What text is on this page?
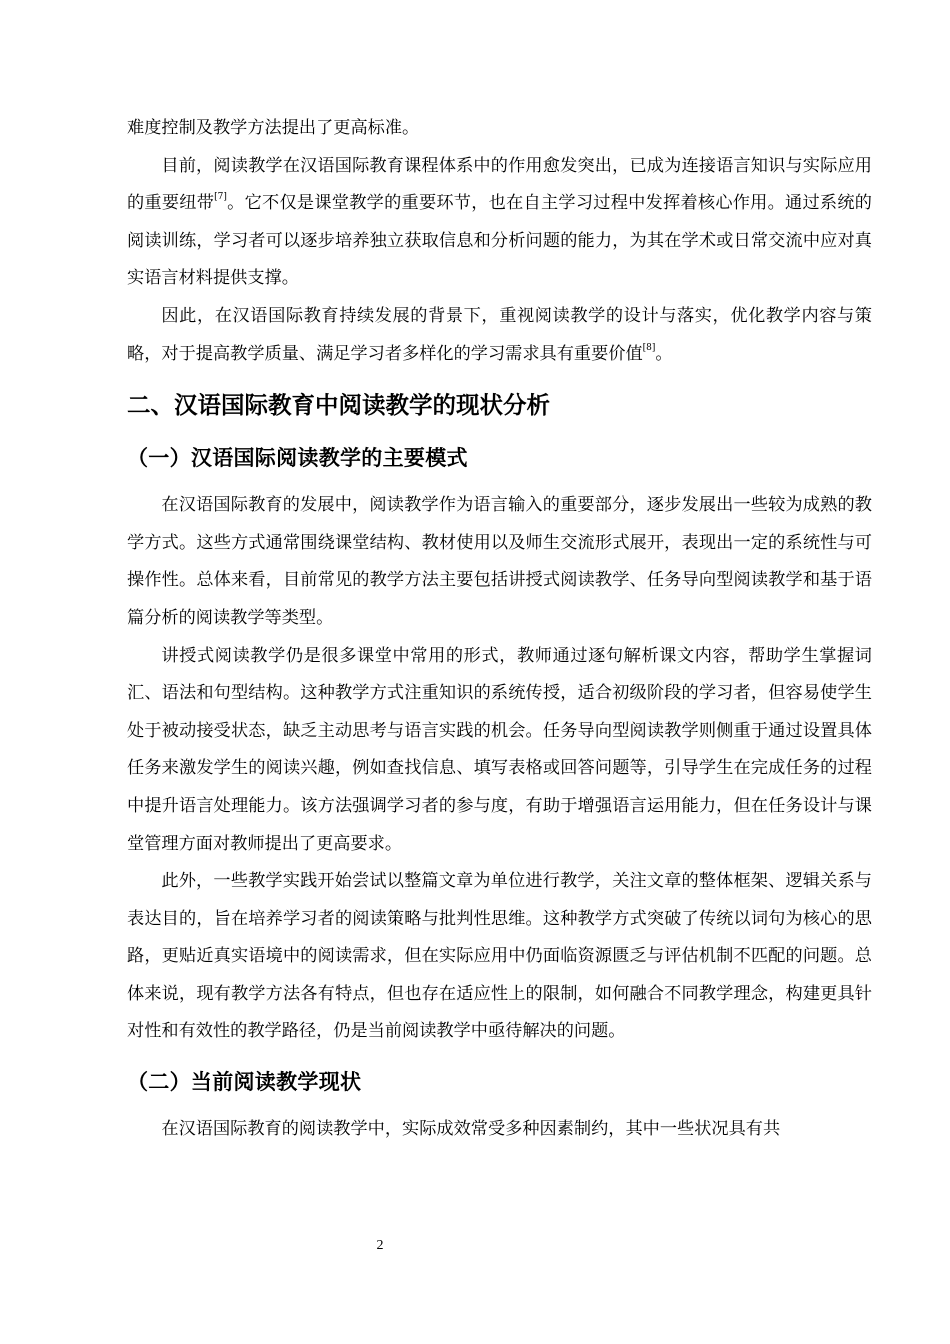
难度控制及教学方法提出了更高标准。

目前，阅读教学在汉语国际教育课程体系中的作用愈发突出，已成为连接语言知识与实际应用的重要纽带[7]。它不仅是课堂教学的重要环节，也在自主学习过程中发挥着核心作用。通过系统的阅读训练，学习者可以逐步培养独立获取信息和分析问题的能力，为其在学术或日常交流中应对真实语言材料提供支撑。

因此，在汉语国际教育持续发展的背景下，重视阅读教学的设计与落实，优化教学内容与策略，对于提高教学质量、满足学习者多样化的学习需求具有重要价值[8]。

二、汉语国际教育中阅读教学的现状分析
（一）汉语国际阅读教学的主要模式

在汉语国际教育的发展中，阅读教学作为语言输入的重要部分，逐步发展出一些较为成熟的教学方式。这些方式通常围绕课堂结构、教材使用以及师生交流形式展开，表现出一定的系统性与可操作性。总体来看，目前常见的教学方法主要包括讲授式阅读教学、任务导向型阅读教学和基于语篇分析的阅读教学等类型。

讲授式阅读教学仍是很多课堂中常用的形式，教师通过逐句解析课文内容，帮助学生掌握词汇、语法和句型结构。这种教学方式注重知识的系统传授，适合初级阶段的学习者，但容易使学生处于被动接受状态，缺乏主动思考与语言实践的机会。任务导向型阅读教学则侧重于通过设置具体任务来激发学生的阅读兴趣，例如查找信息、填写表格或回答问题等，引导学生在完成任务的过程中提升语言处理能力。该方法强调学习者的参与度，有助于增强语言运用能力，但在任务设计与课堂管理方面对教师提出了更高要求。

此外，一些教学实践开始尝试以整篇文章为单位进行教学，关注文章的整体框架、逻辑关系与表达目的，旨在培养学习者的阅读策略与批判性思维。这种教学方式突破了传统以词句为核心的思路，更贴近真实语境中的阅读需求，但在实际应用中仍面临资源匮乏与评估机制不匹配的问题。总体来说，现有教学方法各有特点，但也存在适应性上的限制，如何融合不同教学理念，构建更具针对性和有效性的教学路径，仍是当前阅读教学中亟待解决的问题。

（二）当前阅读教学现状

在汉语国际教育的阅读教学中，实际成效常受多种因素制约，其中一些状况具有共

2
